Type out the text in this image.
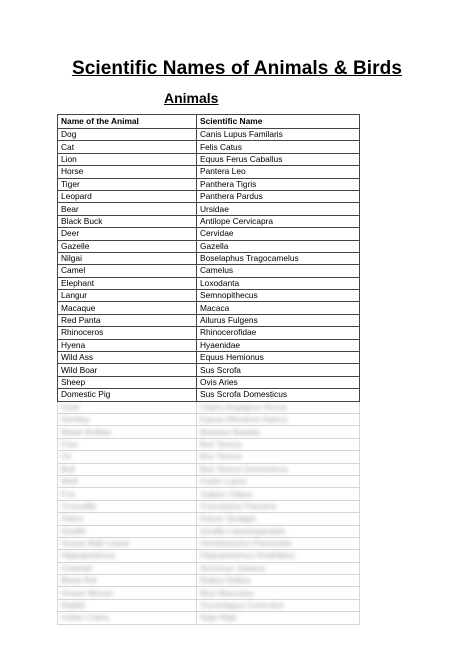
Scientific Names of Animals & Birds
Animals
Name of the Animal	Scientific Name
Dog	Canis Lupus Familaris
Cat	Felis Catus
Lion	Equus Ferus Caballus
Horse	Pantera Leo
Tiger	Panthera Tigris
Leopard	Panthera Pardus
Bear	Ursidae
Black Buck	Antilope Cervicapra
Deer	Cervidae
Gazelle	Gazella
Nilgai	Boselaphus Tragocamelus
Camel	Camelus
Elephant	Loxodanta
Langur	Semnopithecus
Macaque	Macaca
Red Panta	Ailurus Fulgens
Rhinoceros	Rhinocerofidae
Hyena	Hyaenidae
Wild Ass	Equus Hemionus
Wild Boar	Sus Scrofa
Sheep	Ovis Aries
Domestic Pig	Sus Scrofa Domesticus
Goat	Capra Aegagrus Hircus
Donkey	Equus Africanus Asinus
Water Buffalo	Bubalus Bubalis
Cow	Bos Taurus
Ox	Bos Taurus
Bull	Bos Taurus Domesticus
Wolf	Canis Lupus
Fox	Vulpes Vulpes
Crocodile	Crocodylus Palustris
Zebra	Equus Quagga
Giraffe	Giraffa Camelopardalis
House Wall Lizard	Hemidactylus Flaviviridis
Hippopotamus	Hippopotamus Amphibius
Cheetah	Acinonyx Jubatus
Black Rat	Rattus Rattus
House Mouse	Mus Musculus
Rabbit	Oryctolagus Cuniculus
Indian Cobra	Naja Naja
